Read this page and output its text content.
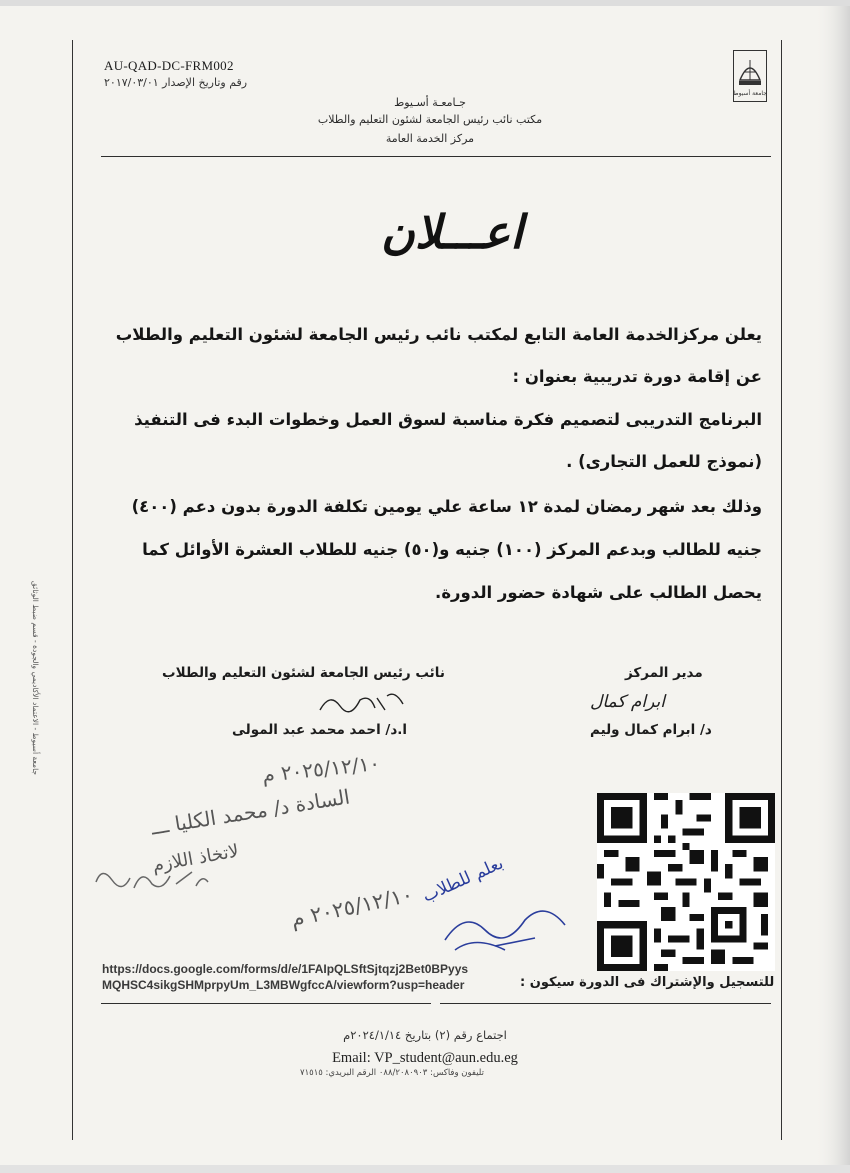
AU-QAD-DC-FRM002
رقم وتاريخ الإصدار ٢٠١٧/٠٣/٠١
جامعة أسيوط
جـامعـة أسـيوط
مكتب نائب رئيس الجامعة لشئون التعليم والطلاب
مركز الخدمة العامة
اعـــلان
يعلن مركزالخدمة العامة التابع لمكتب نائب رئيس الجامعة لشئون التعليم والطلاب
عن إقامة دورة تدريبية بعنوان :
البرنامج التدريبى لتصميم فكرة مناسبة لسوق العمل وخطوات البدء فى التنفيذ
(نموذج للعمل التجارى) .
وذلك بعد شهر رمضان لمدة ١٢ ساعة علي يومين تكلفة الدورة بدون دعم (٤٠٠)
جنيه للطالب وبدعم المركز (١٠٠) جنيه و(٥٠) جنيه للطلاب العشرة الأوائل كما
يحصل الطالب على شهادة حضور الدورة.
نائب رئيس الجامعة لشئون التعليم والطلاب	مدير المركز
ا.د/ احمد محمد عبد المولى
ابرام كمال
د/ ابرام كمال وليم
٢٠٢٥/١٢/١٠ م
السادة د/ محمد الكليا ـــ
لاتخاذ اللازم
٢٠٢٥/١٢/١٠ م بعلم للطلاب
https://docs.google.com/forms/d/e/1FAIpQLSftSjtqzj2Bet0BPyys
MQHSC4sikgSHMprpyUm_L3MBWgfccA/viewform?usp=header	للتسجيل والإشتراك فى الدورة سيكون :
اجتماع رقم (٢) بتاريخ ٢٠٢٤/١/١٤م
Email: VP_student@aun.edu.eg
تليفون وفاكس: ٠٨٨/٢٠٨٠٩٠٣ الرقم البريدي: ٧١٥١٥
جامعة أسيوط - الاعتماد الأكاديمي والجودة - قسم ضبط الوثائق
